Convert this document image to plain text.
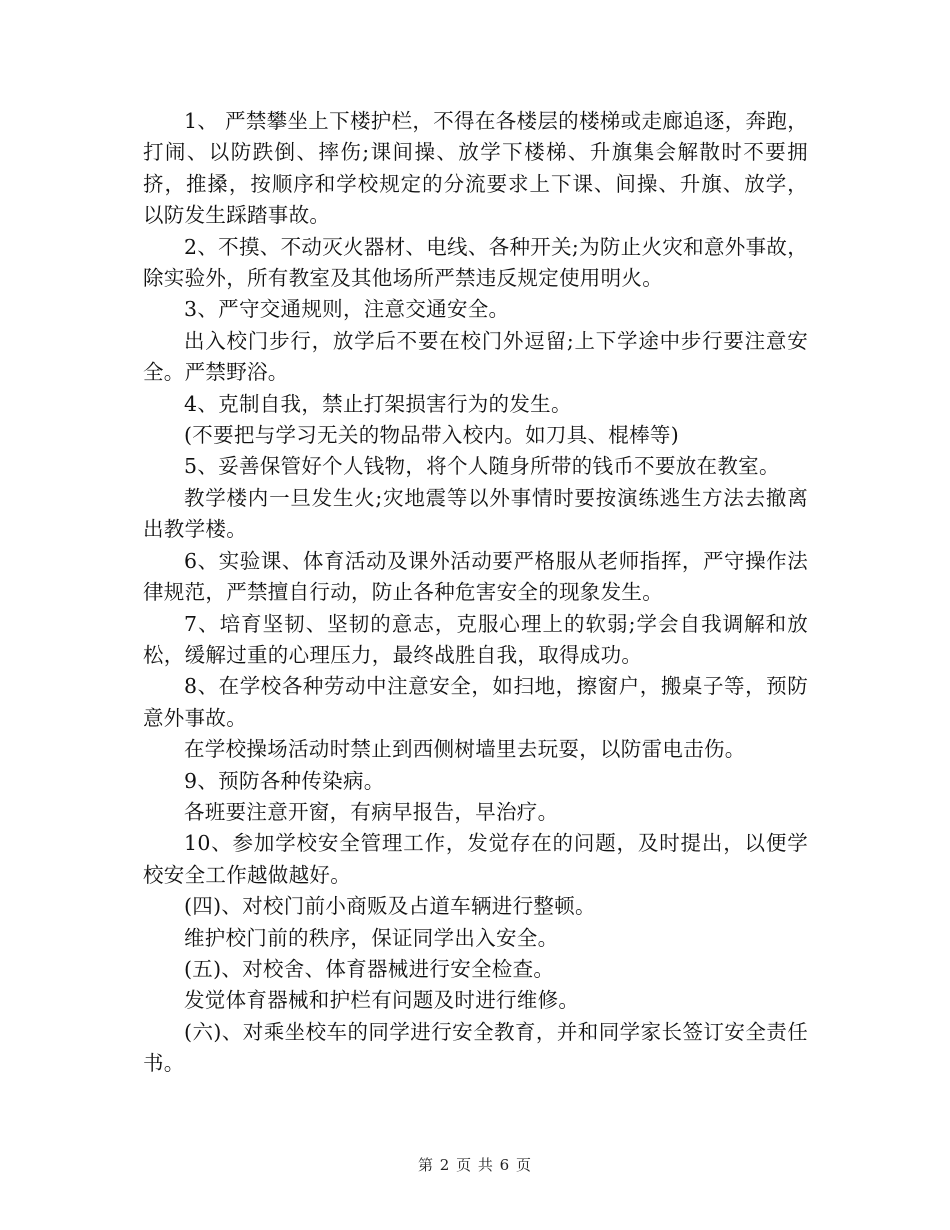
1、 严禁攀坐上下楼护栏，不得在各楼层的楼梯或走廊追逐，奔跑，打闹、以防跌倒、摔伤;课间操、放学下楼梯、升旗集会解散时不要拥挤，推搡，按顺序和学校规定的分流要求上下课、间操、升旗、放学，以防发生踩踏事故。

2、不摸、不动灭火器材、电线、各种开关;为防止火灾和意外事故，除实验外，所有教室及其他场所严禁违反规定使用明火。

3、严守交通规则，注意交通安全。

出入校门步行，放学后不要在校门外逗留;上下学途中步行要注意安全。严禁野浴。

4、克制自我，禁止打架损害行为的发生。

(不要把与学习无关的物品带入校内。如刀具、棍棒等)

5、妥善保管好个人钱物，将个人随身所带的钱币不要放在教室。

教学楼内一旦发生火;灾地震等以外事情时要按演练逃生方法去撤离出教学楼。

6、实验课、体育活动及课外活动要严格服从老师指挥，严守操作法律规范，严禁擅自行动，防止各种危害安全的现象发生。

7、培育坚韧、坚韧的意志，克服心理上的软弱;学会自我调解和放松，缓解过重的心理压力，最终战胜自我，取得成功。

8、在学校各种劳动中注意安全，如扫地，擦窗户，搬桌子等，预防意外事故。

在学校操场活动时禁止到西侧树墙里去玩耍，以防雷电击伤。

9、预防各种传染病。

各班要注意开窗，有病早报告，早治疗。

10、参加学校安全管理工作，发觉存在的问题，及时提出，以便学校安全工作越做越好。

(四)、对校门前小商贩及占道车辆进行整顿。

维护校门前的秩序，保证同学出入安全。

(五)、对校舍、体育器械进行安全检查。

发觉体育器械和护栏有问题及时进行维修。

(六)、对乘坐校车的同学进行安全教育，并和同学家长签订安全责任书。

第 2 页 共 6 页
